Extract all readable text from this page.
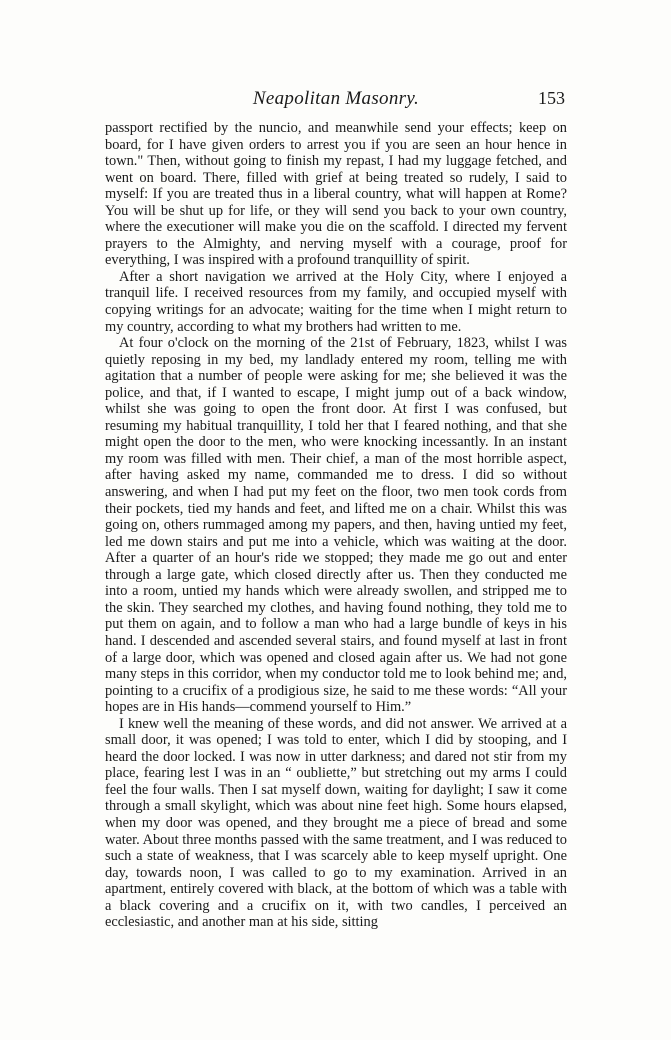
Neapolitan Masonry.	153

passport rectified by the nuncio, and meanwhile send your effects; keep on board, for I have given orders to arrest you if you are seen an hour hence in town." Then, without going to finish my repast, I had my luggage fetched, and went on board. There, filled with grief at being treated so rudely, I said to myself: If you are treated thus in a liberal country, what will happen at Rome? You will be shut up for life, or they will send you back to your own country, where the executioner will make you die on the scaffold. I directed my fervent prayers to the Almighty, and nerving myself with a courage, proof for everything, I was inspired with a profound tranquillity of spirit.

After a short navigation we arrived at the Holy City, where I enjoyed a tranquil life. I received resources from my family, and occupied myself with copying writings for an advocate; waiting for the time when I might return to my country, according to what my brothers had written to me.

At four o'clock on the morning of the 21st of February, 1823, whilst I was quietly reposing in my bed, my landlady entered my room, telling me with agitation that a number of people were asking for me; she believed it was the police, and that, if I wanted to escape, I might jump out of a back window, whilst she was going to open the front door. At first I was confused, but resuming my habitual tranquillity, I told her that I feared nothing, and that she might open the door to the men, who were knocking incessantly. In an instant my room was filled with men. Their chief, a man of the most horrible aspect, after having asked my name, commanded me to dress. I did so without answering, and when I had put my feet on the floor, two men took cords from their pockets, tied my hands and feet, and lifted me on a chair. Whilst this was going on, others rummaged among my papers, and then, having untied my feet, led me down stairs and put me into a vehicle, which was waiting at the door. After a quarter of an hour's ride we stopped; they made me go out and enter through a large gate, which closed directly after us. Then they conducted me into a room, untied my hands which were already swollen, and stripped me to the skin. They searched my clothes, and having found nothing, they told me to put them on again, and to follow a man who had a large bundle of keys in his hand. I descended and ascended several stairs, and found myself at last in front of a large door, which was opened and closed again after us. We had not gone many steps in this corridor, when my conductor told me to look behind me; and, pointing to a crucifix of a prodigious size, he said to me these words: “All your hopes are in His hands—commend yourself to Him.”

I knew well the meaning of these words, and did not answer. We arrived at a small door, it was opened; I was told to enter, which I did by stooping, and I heard the door locked. I was now in utter darkness; and dared not stir from my place, fearing lest I was in an “ oubliette,” but stretching out my arms I could feel the four walls. Then I sat myself down, waiting for daylight; I saw it come through a small skylight, which was about nine feet high. Some hours elapsed, when my door was opened, and they brought me a piece of bread and some water. About three months passed with the same treatment, and I was reduced to such a state of weakness, that I was scarcely able to keep myself upright. One day, towards noon, I was called to go to my examination. Arrived in an apartment, entirely covered with black, at the bottom of which was a table with a black covering and a crucifix on it, with two candles, I perceived an ecclesiastic, and another man at his side, sitting
